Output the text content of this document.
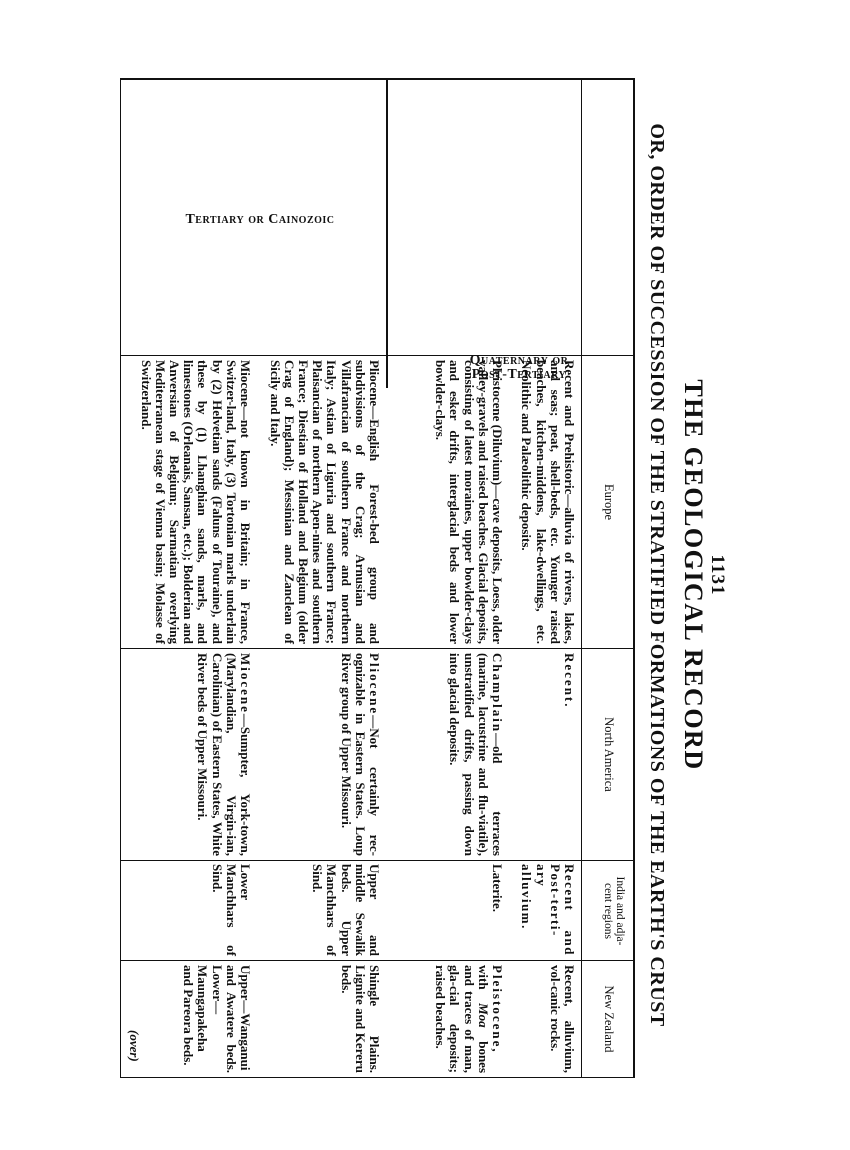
1131
THE GEOLOGICAL RECORD
OR, ORDER OF SUCCESSION OF THE STRATIFIED FORMATIONS OF THE EARTH'S CRUST
Europe
North America
India and adja-cent regions
New Zealand
Quaternary or Post-Tertiary
Tertiary or Cainozoic

Recent and Prehistoric—alluvia of rivers, lakes, and seas; peat, shell-beds, etc. Younger raised beaches, kitchen-middens, lake-dwellings, etc. Neolithic and Palæolithic deposits.

Recent.

Recent and Post-terti-ary alluvium.

Recent, alluvium, vol-canic rocks.

Pleistocene (Diluvium)—cave deposits, Loess, older valley-gravels and raised beaches. Glacial deposits, consisting of latest moraines, upper bowlder-clays and esker drifts, interglacial beds and lower bowlder-clays.

Champlain—old terraces (marine, lacustrine and flu-viatile), unstratified drifts, passing down into glacial deposits.

Laterite.

Pleistocene, with Moa bones and traces of man, gla-cial deposits; raised beaches.

Pliocene—English Forest-bed group and subdivisions of the Crag; Arnusian and Villafrancian of southern France and northern Italy; Astian of Liguria and southern France; Plaisancian of northern Apen-nines and southern France; Diestian of Holland and Belgium (older Crag of England); Messinian and Zanclean of Sicily and Italy.

Pliocene—Not certainly rec-ognizable in Eastern States. Loup River group of Upper Missouri.

Upper and middle Sewalik beds. Upper Manchhars of Sind.

Shingle Plains. Lignite and Kereru beds.

Miocene—not known in Britain; in France, Switzer-land, Italy, (3) Tortonian marls underlain by (2) Helvetian sands (Faluns of Touraine), and these by (1) Lhanghian sands, marls, and limestones (Orleanais, Sansan, etc.); Bolderian and Anversian of Belgium; Sarmatian overlying Mediterranean stage of Vienna basin; Molasse of Switzerland.

Miocene—Sumpter, York-town, (Marylandian, Virgin-ian, Carolinian) of Eastern States, White River beds of Upper Missouri.

Lower Manchhars of Sind.

Upper—Wanganui and Awatere beds. Lower— Maungapakeha and Pareora beds.

(over)
